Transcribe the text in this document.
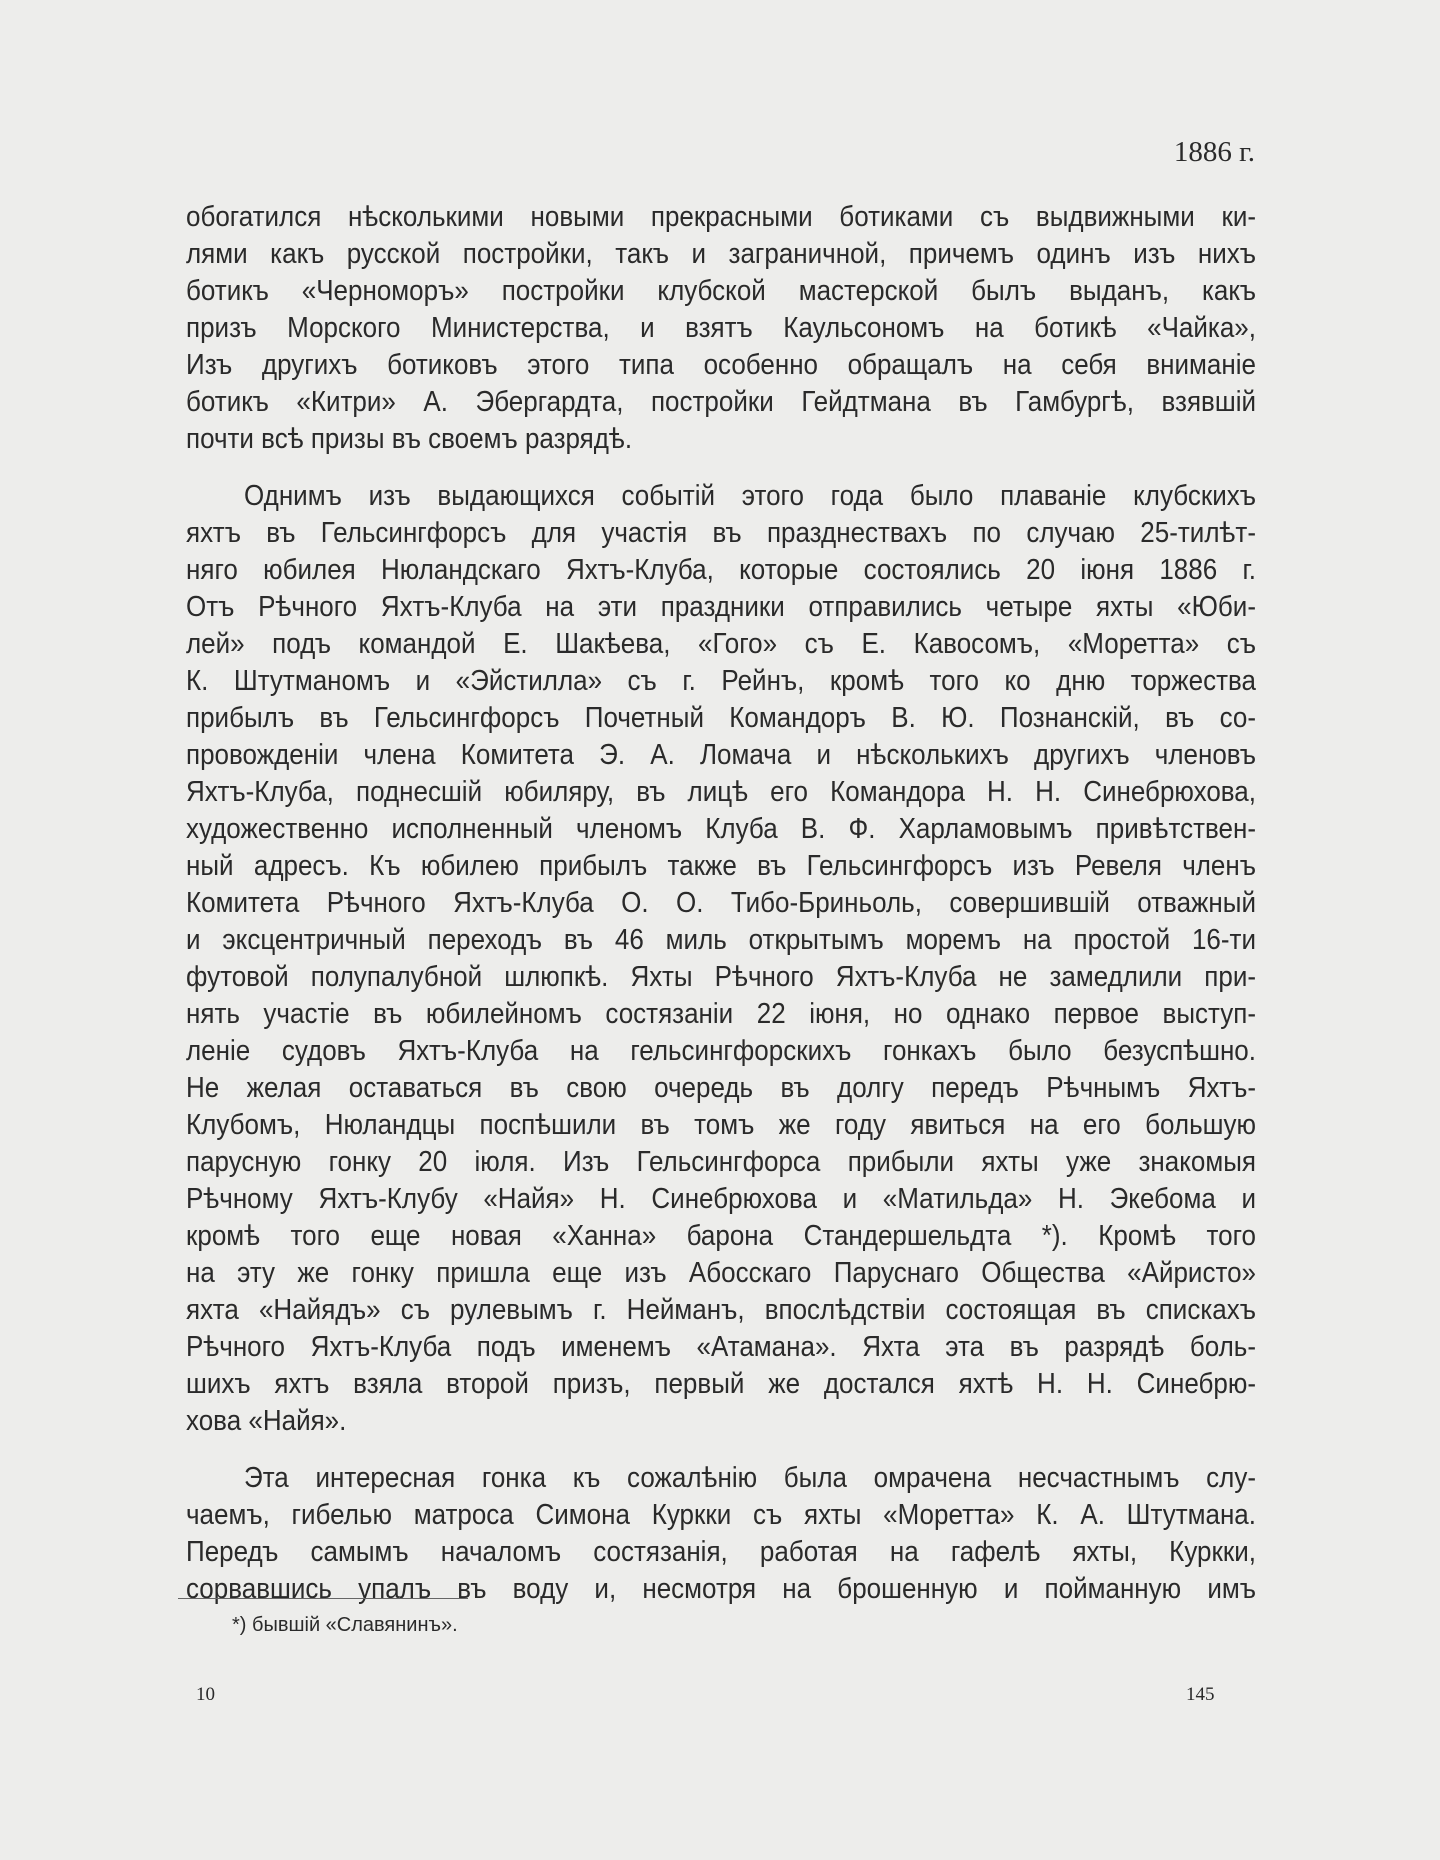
1886 г.
обогатился нѣсколькими новыми прекрасными ботиками съ выдвижными ки-
лями какъ русской постройки, такъ и заграничной, причемъ одинъ изъ нихъ
ботикъ «Черноморъ» постройки клубской мастерской былъ выданъ, какъ
призъ Морского Министерства, и взятъ Каульсономъ на ботикѣ «Чайка»,
Изъ другихъ ботиковъ этого типа особенно обращалъ на себя вниманіе
ботикъ «Китри» А. Эбергардта, постройки Гейдтмана въ Гамбургѣ, взявшій
почти всѣ призы въ своемъ разрядѣ.
Однимъ изъ выдающихся событій этого года было плаваніе клубскихъ
яхтъ въ Гельсингфорсъ для участія въ празднествахъ по случаю 25-тилѣт-
няго юбилея Нюландскаго Яхтъ-Клуба, которые состоялись 20 іюня 1886 г.
Отъ Рѣчного Яхтъ-Клуба на эти праздники отправились четыре яхты «Юби-
лей» подъ командой Е. Шакѣева, «Гого» съ Е. Кавосомъ, «Моретта» съ
К. Штутманомъ и «Эйстилла» съ г. Рейнъ, кромѣ того ко дню торжества
прибылъ въ Гельсингфорсъ Почетный Командоръ В. Ю. Познанскій, въ со-
провожденіи члена Комитета Э. А. Ломача и нѣсколькихъ другихъ членовъ
Яхтъ-Клуба, поднесшій юбиляру, въ лицѣ его Командора Н. Н. Синебрюхова,
художественно исполненный членомъ Клуба В. Ф. Харламовымъ привѣтствен-
ный адресъ. Къ юбилею прибылъ также въ Гельсингфорсъ изъ Ревеля членъ
Комитета Рѣчного Яхтъ-Клуба О. О. Тибо-Бриньоль, совершившій отважный
и эксцентричный переходъ въ 46 миль открытымъ моремъ на простой 16-ти
футовой полупалубной шлюпкѣ. Яхты Рѣчного Яхтъ-Клуба не замедлили при-
нять участіе въ юбилейномъ состязаніи 22 іюня, но однако первое выступ-
леніе судовъ Яхтъ-Клуба на гельсингфорскихъ гонкахъ было безуспѣшно.
Не желая оставаться въ свою очередь въ долгу передъ Рѣчнымъ Яхтъ-
Клубомъ, Нюландцы поспѣшили въ томъ же году явиться на его большую
парусную гонку 20 іюля. Изъ Гельсингфорса прибыли яхты уже знакомыя
Рѣчному Яхтъ-Клубу «Найя» Н. Синебрюхова и «Матильда» Н. Экебома и
кромѣ того еще новая «Ханна» барона Стандершельдта *). Кромѣ того
на эту же гонку пришла еще изъ Абосскаго Паруснаго Общества «Айристо»
яхта «Найядъ» съ рулевымъ г. Нейманъ, впослѣдствіи состоящая въ спискахъ
Рѣчного Яхтъ-Клуба подъ именемъ «Атамана». Яхта эта въ разрядѣ боль-
шихъ яхтъ взяла второй призъ, первый же достался яхтѣ Н. Н. Синебрю-
хова «Найя».
Эта интересная гонка къ сожалѣнію была омрачена несчастнымъ слу-
чаемъ, гибелью матроса Симона Куркки съ яхты «Моретта» К. А. Штутмана.
Передъ самымъ началомъ состязанія, работая на гафелѣ яхты, Куркки,
сорвавшись упалъ въ воду и, несмотря на брошенную и пойманную имъ
*) бывшій «Славянинъ».
10	145
